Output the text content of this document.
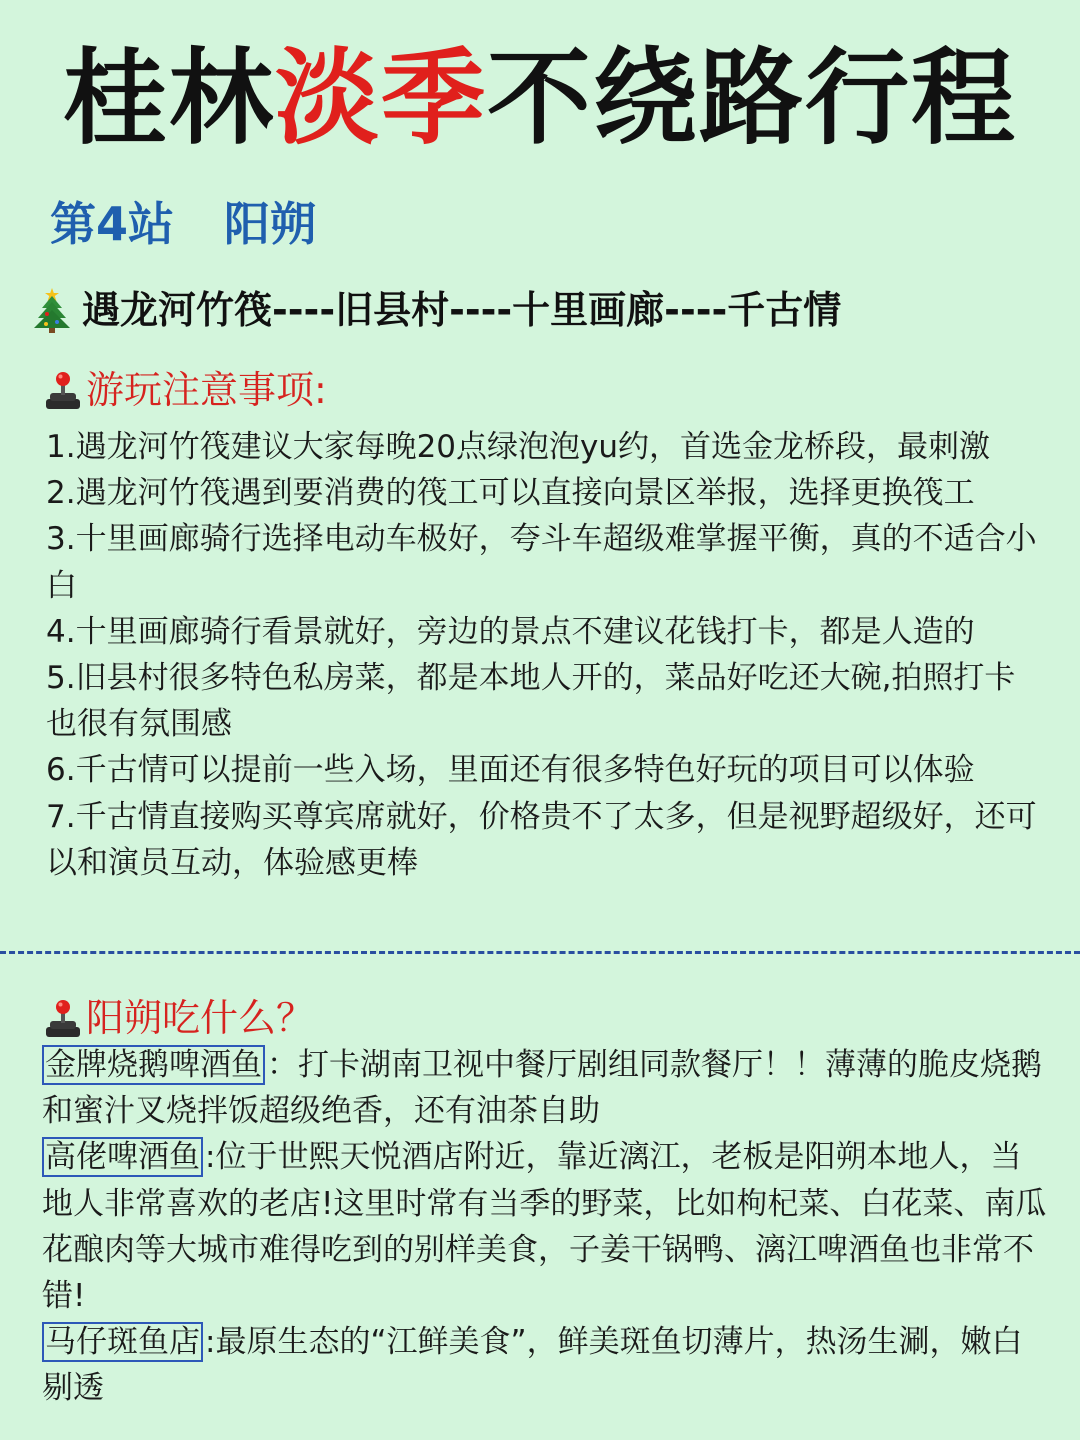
桂林淡季不绕路行程
第4站 阳朔
遇龙河竹筏----旧县村----十里画廊----千古情
游玩注意事项:
1.遇龙河竹筏建议大家每晚20点绿泡泡yu约，首选金龙桥段，最刺激
2.遇龙河竹筏遇到要消费的筏工可以直接向景区举报，选择更换筏工
3.十里画廊骑行选择电动车极好，夸斗车超级难掌握平衡，真的不适合小白
4.十里画廊骑行看景就好，旁边的景点不建议花钱打卡，都是人造的
5.旧县村很多特色私房菜，都是本地人开的，菜品好吃还大碗,拍照打卡也很有氛围感
6.千古情可以提前一些入场，里面还有很多特色好玩的项目可以体验
7.千古情直接购买尊宾席就好，价格贵不了太多，但是视野超级好，还可以和演员互动，体验感更棒
阳朔吃什么？

金牌烧鹅啤酒鱼 ：打卡湖南卫视中餐厅剧组同款餐厅！！薄薄的脆皮烧鹅和蜜汁叉烧拌饭超级绝香，还有油茶自助

高佬啤酒鱼 :位于世熙天悦酒店附近，靠近漓江，老板是阳朔本地人，当地人非常喜欢的老店!这里时常有当季的野菜，比如枸杞菜、白花菜、南瓜花酿肉等大城市难得吃到的别样美食，子姜干锅鸭、漓江啤酒鱼也非常不错!

马仔斑鱼店 :最原生态的“江鲜美食”，鲜美斑鱼切薄片，热汤生涮，嫩白剔透
